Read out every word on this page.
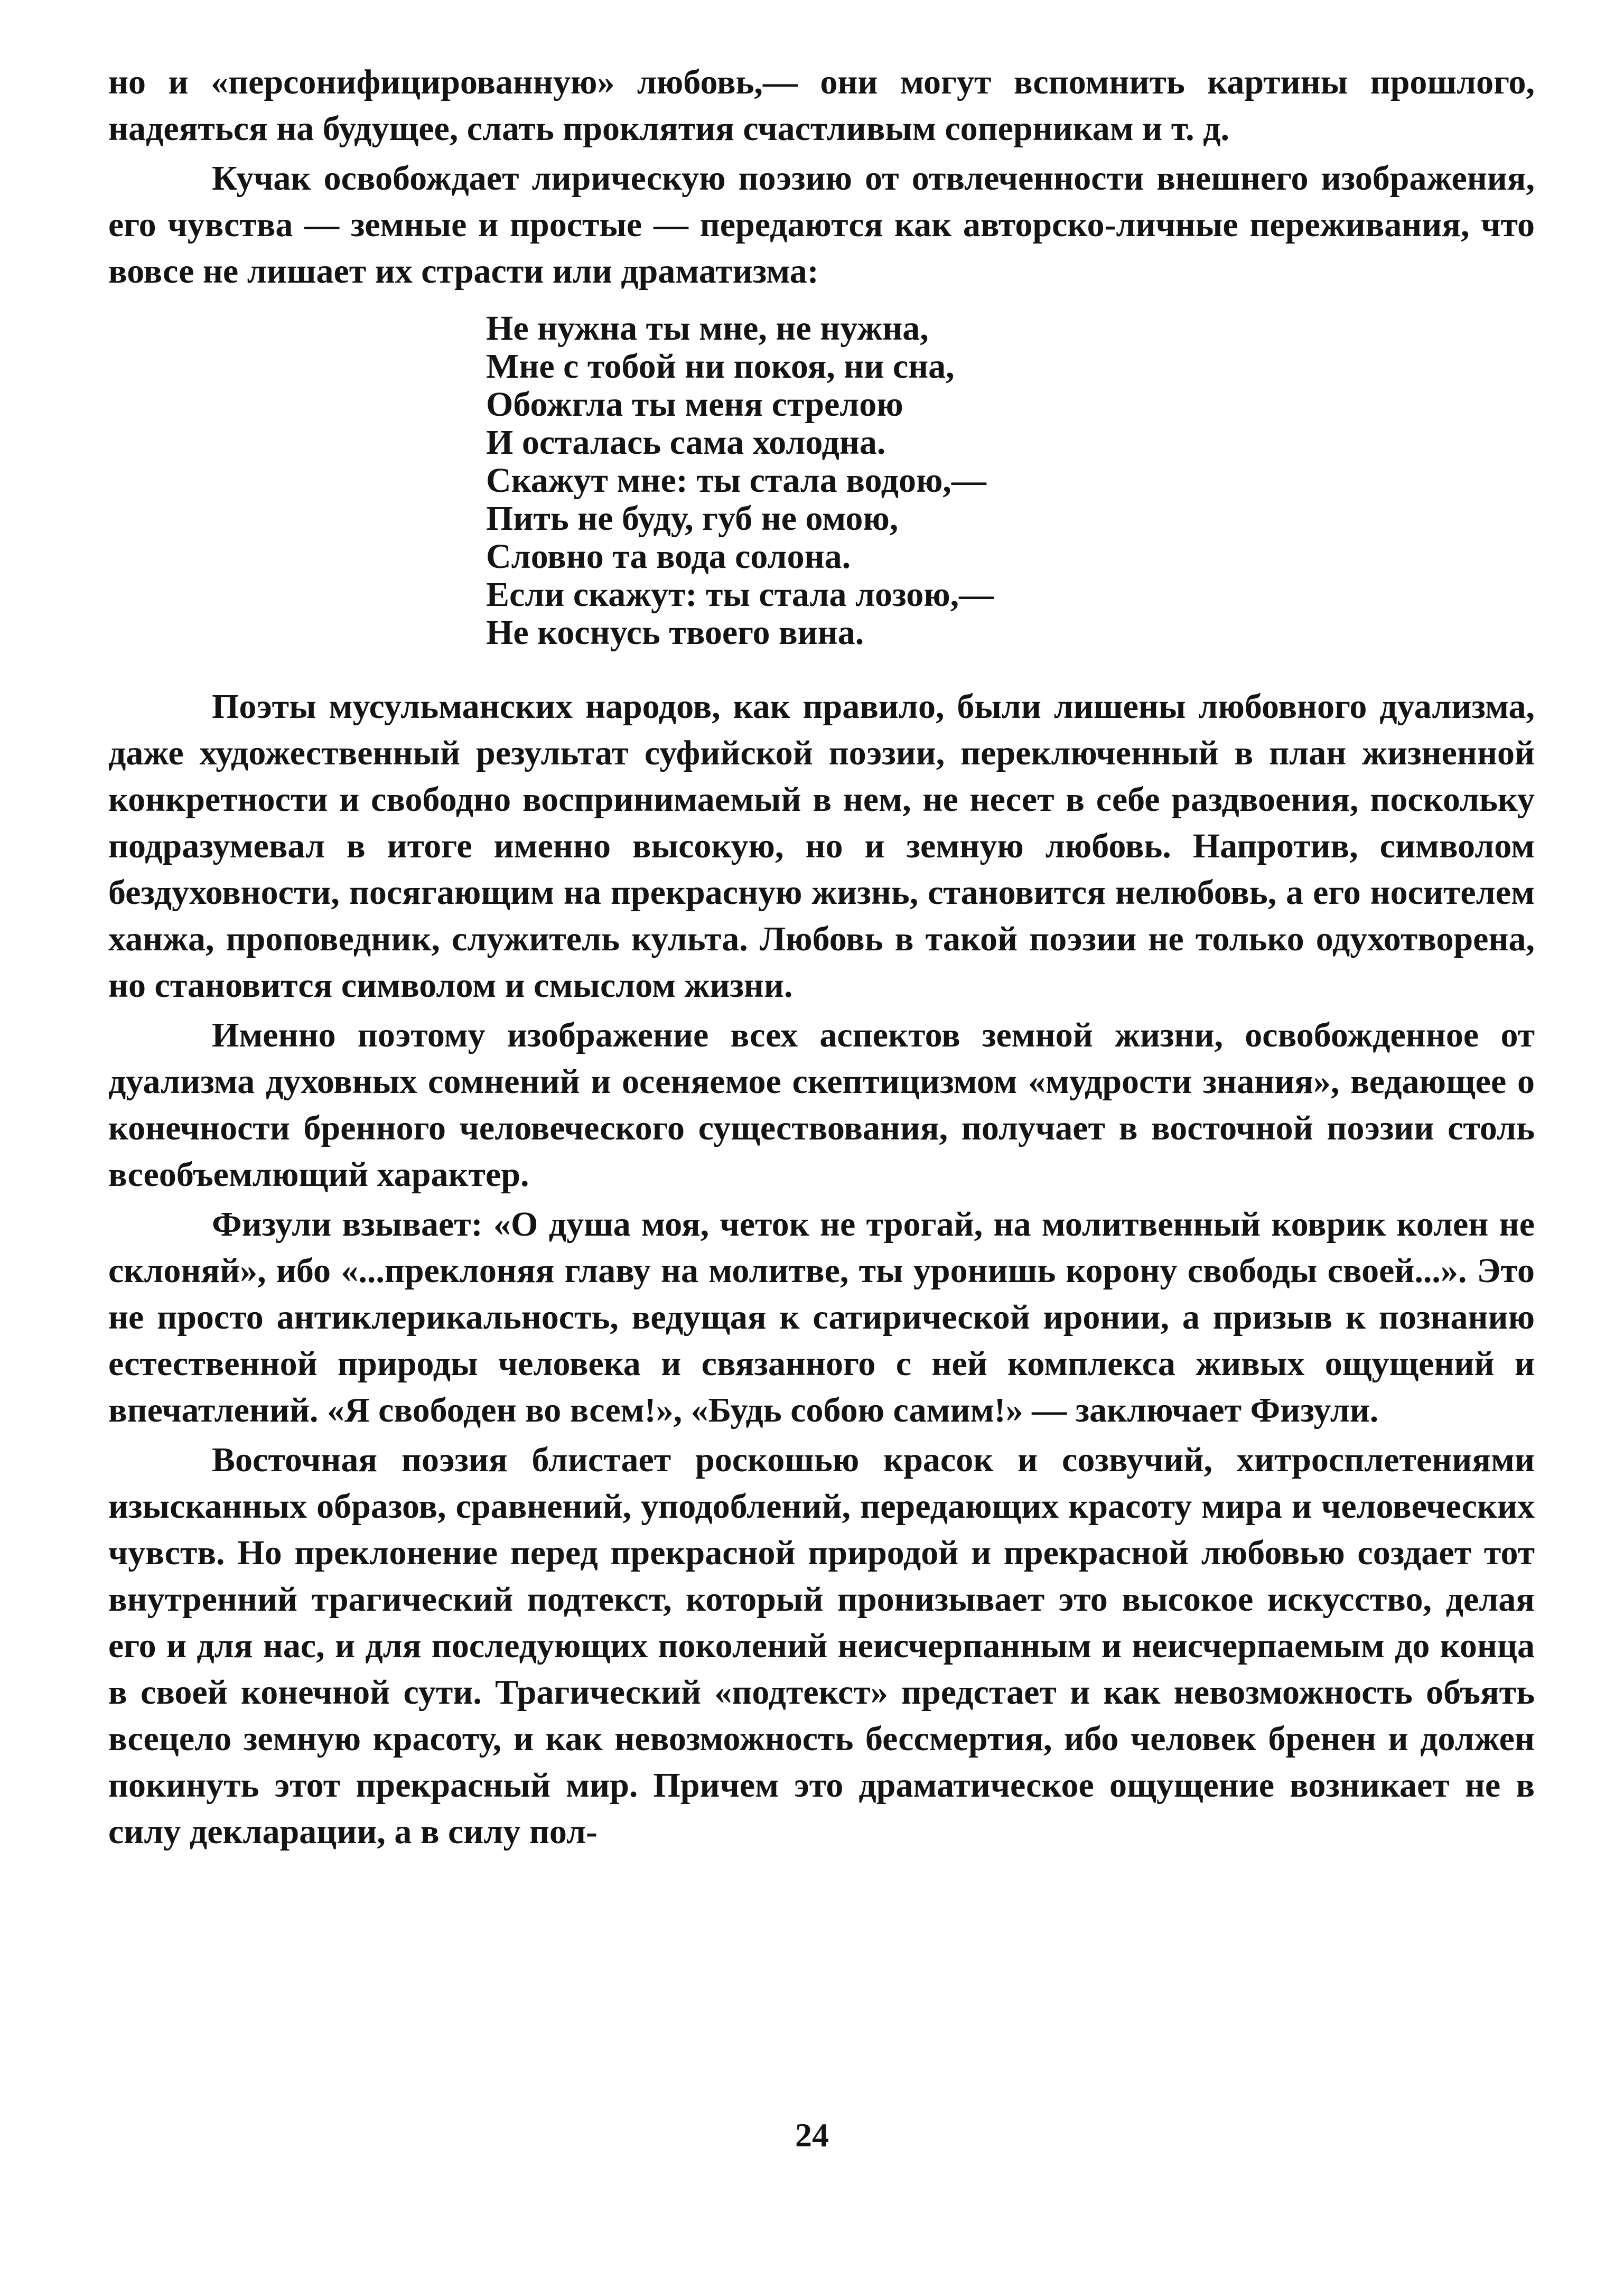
но и «персонифицированную» любовь,— они могут вспомнить картины прошлого, надеяться на будущее, слать проклятия счастливым соперникам и т. д.

Кучак освобождает лирическую поэзию от отвлеченности внешнего изображения, его чувства — земные и простые — передаются как авторско-личные переживания, что вовсе не лишает их страсти или драматизма:

Не нужна ты мне, не нужна,
Мне с тобой ни покоя, ни сна,
Обожгла ты меня стрелою
И осталась сама холодна.
Скажут мне: ты стала водою,—
Пить не буду, губ не омою,
Словно та вода солона.
Если скажут: ты стала лозою,—
Не коснусь твоего вина.

Поэты мусульманских народов, как правило, были лишены любовного дуализма, даже художественный результат суфийской поэзии, переключенный в план жизненной конкретности и свободно воспринимаемый в нем, не несет в себе раздвоения, поскольку подразумевал в итоге именно высокую, но и земную любовь. Напротив, символом бездуховности, посягающим на прекрасную жизнь, становится нелюбовь, а его носителем ханжа, проповедник, служитель культа. Любовь в такой поэзии не только одухотворена, но становится символом и смыслом жизни.

Именно поэтому изображение всех аспектов земной жизни, освобожденное от дуализма духовных сомнений и осеняемое скептицизмом «мудрости знания», ведающее о конечности бренного человеческого существования, получает в восточной поэзии столь всеобъемлющий характер.

Физули взывает: «О душа моя, четок не трогай, на молитвенный коврик колен не склоняй», ибо «...преклоняя главу на молитве, ты уронишь корону свободы своей...». Это не просто антиклерикальность, ведущая к сатирической иронии, а призыв к познанию естественной природы человека и связанного с ней комплекса живых ощущений и впечатлений. «Я свободен во всем!», «Будь собою самим!» — заключает Физули.

Восточная поэзия блистает роскошью красок и созвучий, хитросплетениями изысканных образов, сравнений, уподоблений, передающих красоту мира и человеческих чувств. Но преклонение перед прекрасной природой и прекрасной любовью создает тот внутренний трагический подтекст, который пронизывает это высокое искусство, делая его и для нас, и для последующих поколений неисчерпанным и неисчерпаемым до конца в своей конечной сути. Трагический «подтекст» предстает и как невозможность объять всецело земную красоту, и как невозможность бессмертия, ибо человек бренен и должен покинуть этот прекрасный мир. Причем это драматическое ощущение возникает не в силу декларации, а в силу пол-

24
